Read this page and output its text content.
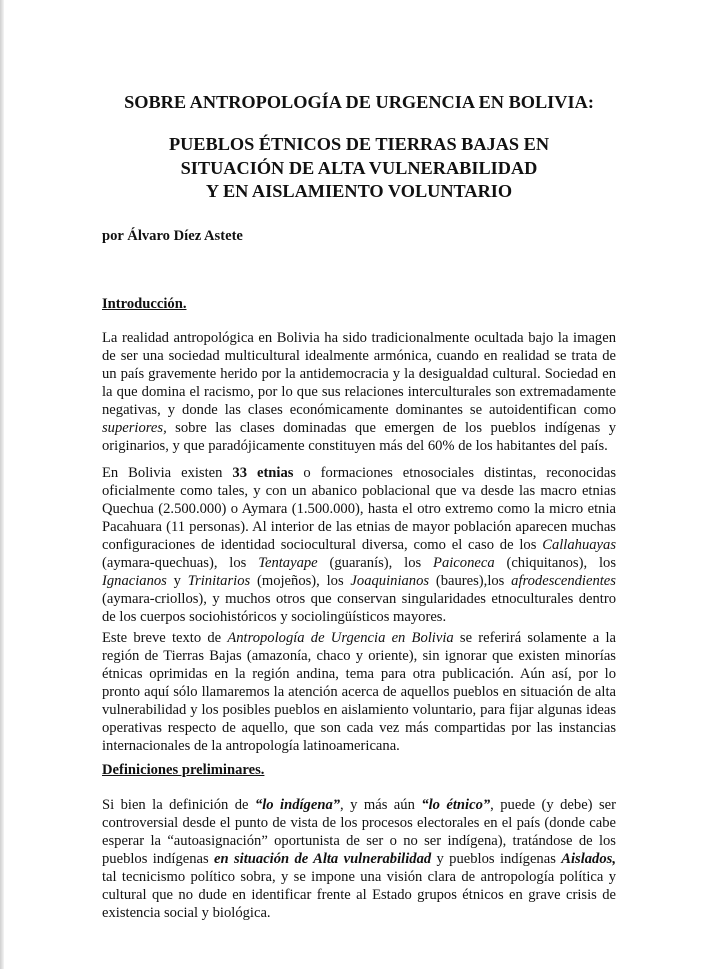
SOBRE ANTROPOLOGÍA DE URGENCIA EN BOLIVIA:
PUEBLOS ÉTNICOS DE TIERRAS BAJAS EN
SITUACIÓN DE ALTA VULNERABILIDAD
Y EN AISLAMIENTO VOLUNTARIO

por Álvaro Díez Astete

Introducción.

La realidad antropológica en Bolivia ha sido tradicionalmente ocultada bajo la imagen de ser una sociedad multicultural idealmente armónica, cuando en realidad se trata de un país gravemente herido por la antidemocracia y la desigualdad cultural. Sociedad en la que domina el racismo, por lo que sus relaciones interculturales son extremadamente negativas, y donde las clases económicamente dominantes se autoidentifican como superiores, sobre las clases dominadas que emergen de los pueblos indígenas y originarios, y que paradójicamente constituyen más del 60% de los habitantes del país.

En Bolivia existen 33 etnias o formaciones etnosociales distintas, reconocidas oficialmente como tales, y con un abanico poblacional que va desde las macro etnias Quechua (2.500.000) o Aymara (1.500.000), hasta el otro extremo como la micro etnia Pacahuara (11 personas). Al interior de las etnias de mayor población aparecen muchas configuraciones de identidad sociocultural diversa, como el caso de los Callahuayas (aymara-quechuas), los Tentayape (guaranís), los Paiconeca (chiquitanos), los Ignacianos y Trinitarios (mojeños), los Joaquinianos (baures),los afrodescendientes (aymara-criollos), y muchos otros que conservan singularidades etnoculturales dentro de los cuerpos sociohistóricos y sociolingüísticos mayores.

Este breve texto de Antropología de Urgencia en Bolivia se referirá solamente a la región de Tierras Bajas (amazonía, chaco y oriente), sin ignorar que existen minorías étnicas oprimidas en la región andina, tema para otra publicación. Aún así, por lo pronto aquí sólo llamaremos la atención acerca de aquellos pueblos en situación de alta vulnerabilidad y los posibles pueblos en aislamiento voluntario, para fijar algunas ideas operativas respecto de aquello, que son cada vez más compartidas por las instancias internacionales de la antropología latinoamericana.

Definiciones preliminares.

Si bien la definición de “lo indígena”, y más aún “lo étnico”, puede (y debe) ser controversial desde el punto de vista de los procesos electorales en el país (donde cabe esperar la “autoasignación” oportunista de ser o no ser indígena), tratándose de los pueblos indígenas en situación de Alta vulnerabilidad y pueblos indígenas Aislados, tal tecnicismo político sobra, y se impone una visión clara de antropología política y cultural que no dude en identificar frente al Estado grupos étnicos en grave crisis de existencia social y biológica.
